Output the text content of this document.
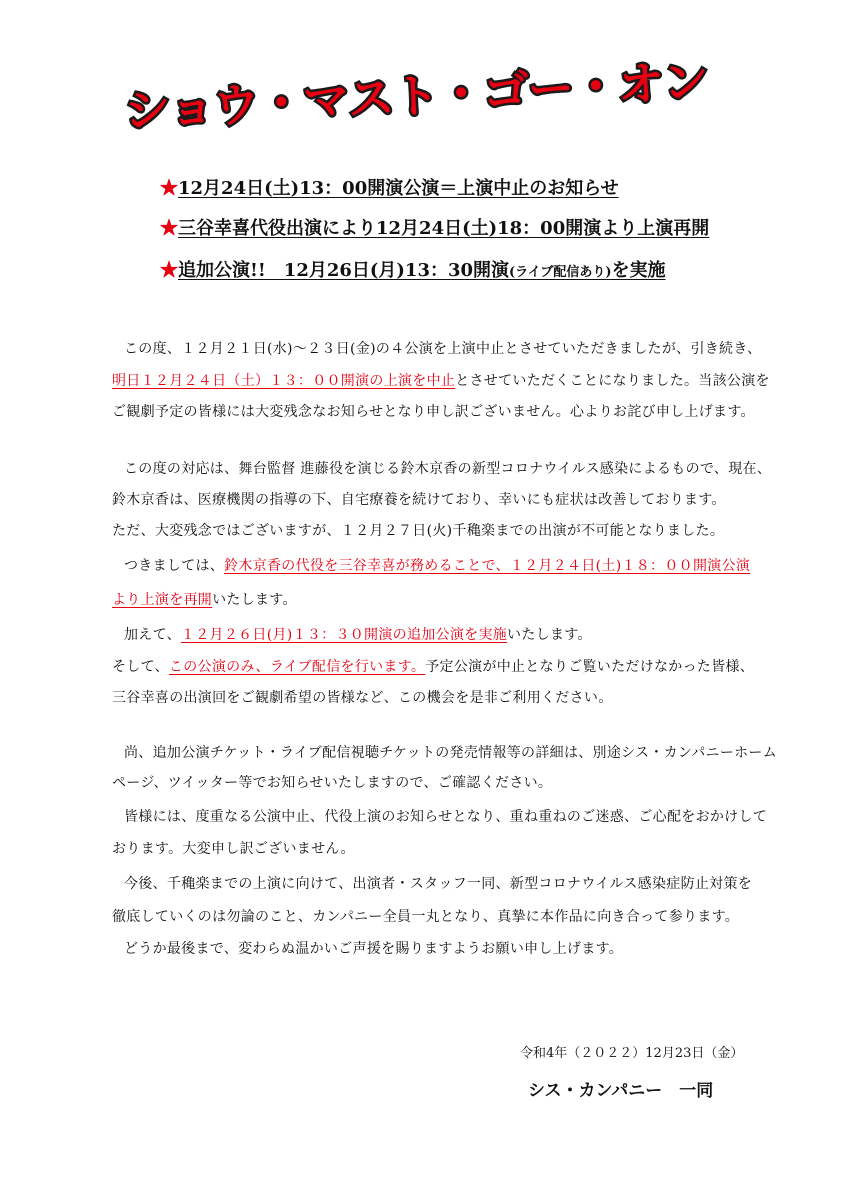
ショウ・マスト・ゴー・オン
★12月24日(土)13：00開演公演＝上演中止のお知らせ
★三谷幸喜代役出演により12月24日(土)18：00開演より上演再開
★追加公演!!　12月26日(月)13：30開演(ライブ配信あり)を実施
この度、１２月２１日(水)～２３日(金)の４公演を上演中止とさせていただきましたが、引き続き、
明日１２月２４日（土）１３：００開演の上演を中止とさせていただくことになりました。当該公演を
ご観劇予定の皆様には大変残念なお知らせとなり申し訳ございません。心よりお詫び申し上げます。
この度の対応は、舞台監督 進藤役を演じる鈴木京香の新型コロナウイルス感染によるもので、現在、
鈴木京香は、医療機関の指導の下、自宅療養を続けており、幸いにも症状は改善しております。
ただ、大変残念ではございますが、１２月２７日(火)千穐楽までの出演が不可能となりました。
つきましては、鈴木京香の代役を三谷幸喜が務めることで、１２月２４日(土)１８：００開演公演
より上演を再開いたします。
加えて、１２月２６日(月)１３：３０開演の追加公演を実施いたします。
そして、この公演のみ、ライブ配信を行います。予定公演が中止となりご覧いただけなかった皆様、
三谷幸喜の出演回をご観劇希望の皆様など、この機会を是非ご利用ください。
尚、追加公演チケット・ライブ配信視聴チケットの発売情報等の詳細は、別途シス・カンパニーホーム
ページ、ツイッター等でお知らせいたしますので、ご確認ください。
皆様には、度重なる公演中止、代役上演のお知らせとなり、重ね重ねのご迷惑、ご心配をおかけして
おります。大変申し訳ございません。
今後、千穐楽までの上演に向けて、出演者・スタッフ一同、新型コロナウイルス感染症防止対策を
徹底していくのは勿論のこと、カンパニー全員一丸となり、真摯に本作品に向き合って参ります。
どうか最後まで、変わらぬ温かいご声援を賜りますようお願い申し上げます。
令和4年（２０２２）12月23日（金）
シス・カンパニー　一同
